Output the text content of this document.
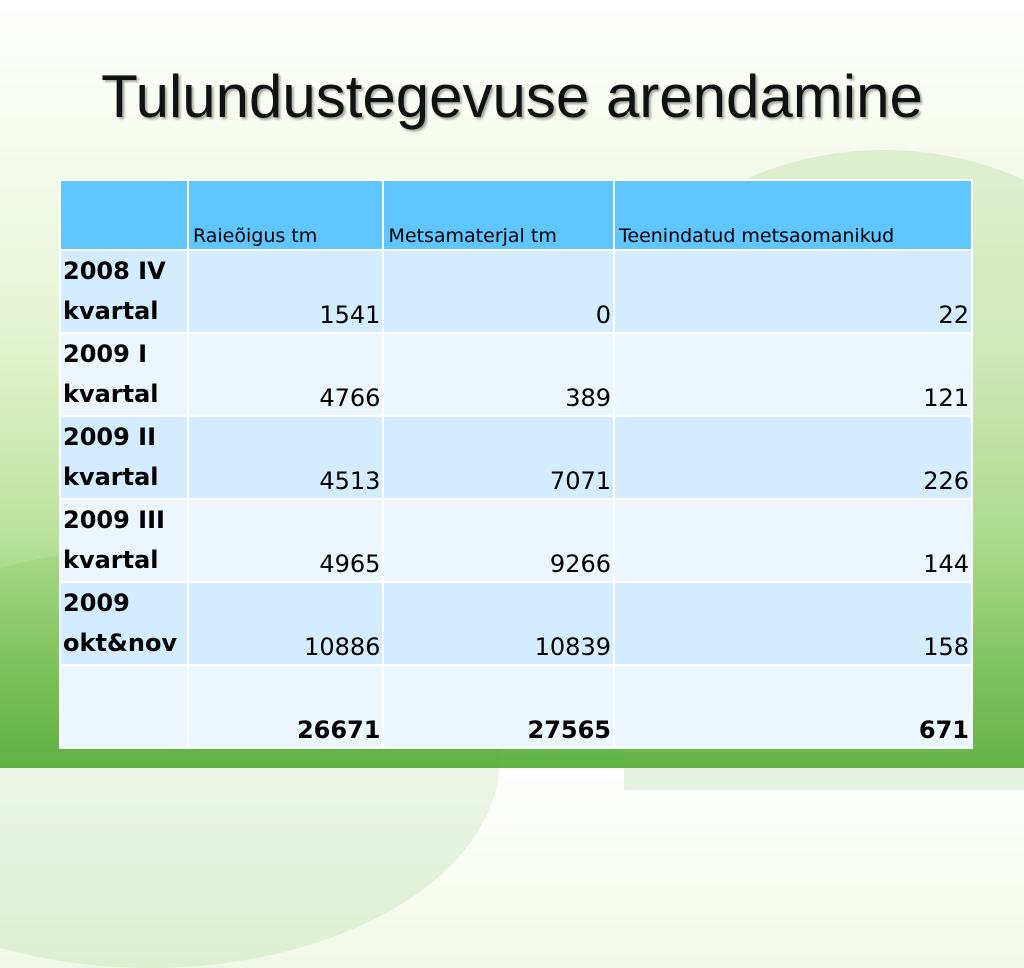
Tulundustegevuse arendamine
	Raieõigus tm	Metsamaterjal tm	Teenindatud metsaomanikud
2008 IV
kvartal	1541	0	22
2009 I
kvartal	4766	389	121
2009 II
kvartal	4513	7071	226
2009 III
kvartal	4965	9266	144
2009
okt&nov	10886	10839	158
	26671	27565	671
